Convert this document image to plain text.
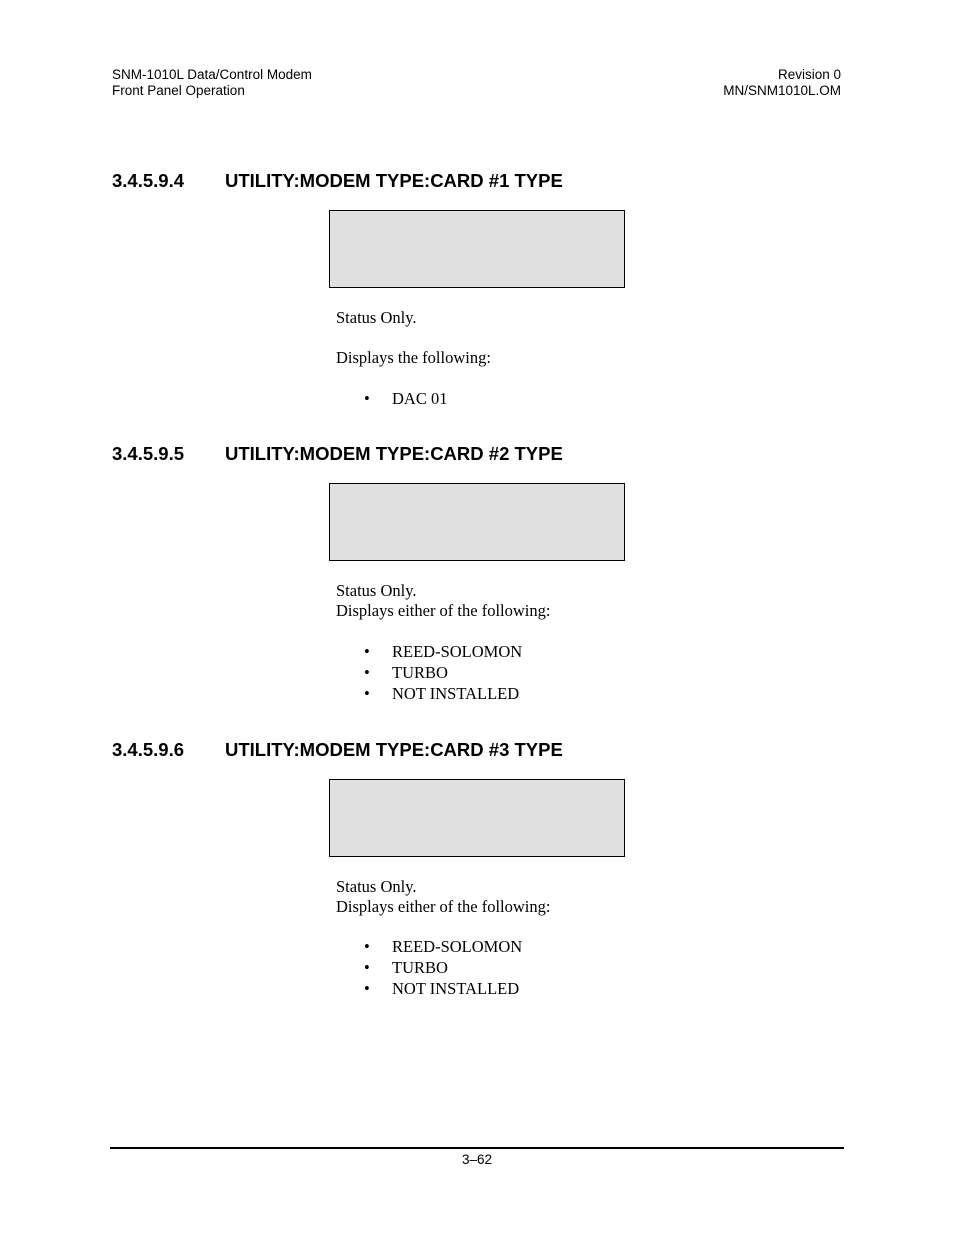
SNM-1010L Data/Control Modem
Front Panel Operation
Revision 0
MN/SNM1010L.OM
3.4.5.9.4 UTILITY:MODEM TYPE:CARD #1 TYPE
Status Only.
Displays the following:
• DAC 01
3.4.5.9.5 UTILITY:MODEM TYPE:CARD #2 TYPE
Status Only.
Displays either of the following:
• REED-SOLOMON
• TURBO
• NOT INSTALLED
3.4.5.9.6 UTILITY:MODEM TYPE:CARD #3 TYPE
Status Only.
Displays either of the following:
• REED-SOLOMON
• TURBO
• NOT INSTALLED
3–62
